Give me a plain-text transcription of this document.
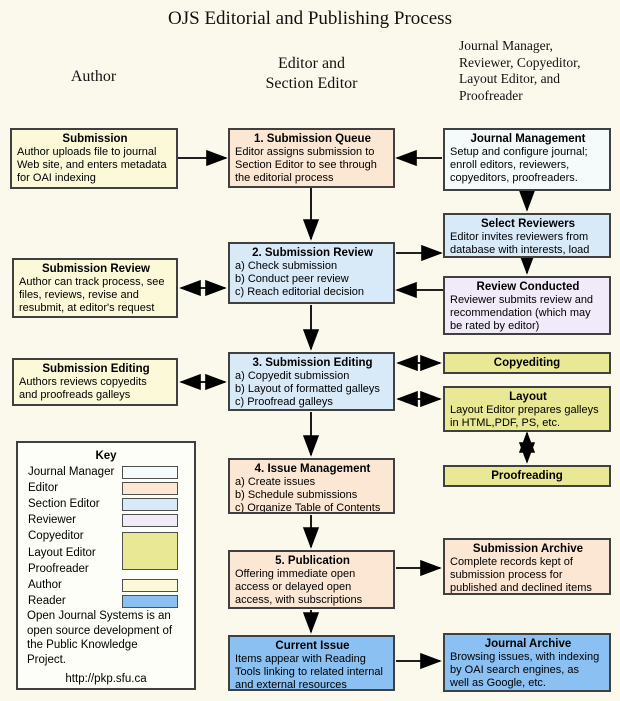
OJS Editorial and Publishing Process
Author
Editor and
Section Editor
Journal Manager,
Reviewer, Copyeditor,
Layout Editor, and
Proofreader
Submission
Author uploads file to journal
Web site, and enters metadata
for OAI indexing
Submission Review
Author can track process, see
files, reviews, revise and
resubmit, at editor's request
Submission Editing
Authors reviews copyedits
and proofreads galleys
1. Submission Queue
Editor assigns submission to
Section Editor to see through
the editorial process
2. Submission Review
a) Check submission
b) Conduct peer review
c) Reach editorial decision
3. Submission Editing
a) Copyedit submission
b) Layout of formatted galleys
c) Proofread galleys
4. Issue Management
a) Create issues
b) Schedule submissions
c) Organize Table of Contents
5. Publication
Offering immediate open
access or delayed open
access, with subscriptions
Current Issue
Items appear with Reading
Tools linking to related internal
and external resources
Journal Management
Setup and configure journal;
enroll editors, reviewers,
copyeditors, proofreaders.
Select Reviewers
Editor invites reviewers from
database with interests, load
Review Conducted
Reviewer submits review and
recommendation (which may
be rated by editor)
Copyediting
Layout
Layout Editor prepares galleys
in HTML,PDF, PS, etc.
Proofreading
Submission Archive
Complete records kept of
submission process for
published and declined items
Journal Archive
Browsing issues, with indexing
by OAI search engines, as
well as Google, etc.
Key
Journal Manager
Editor
Section Editor
Reviewer
Copyeditor
Layout Editor
Proofreader
Author
Reader
Open Journal Systems is an
open source development of
the Public Knowledge
Project.
http://pkp.sfu.ca
